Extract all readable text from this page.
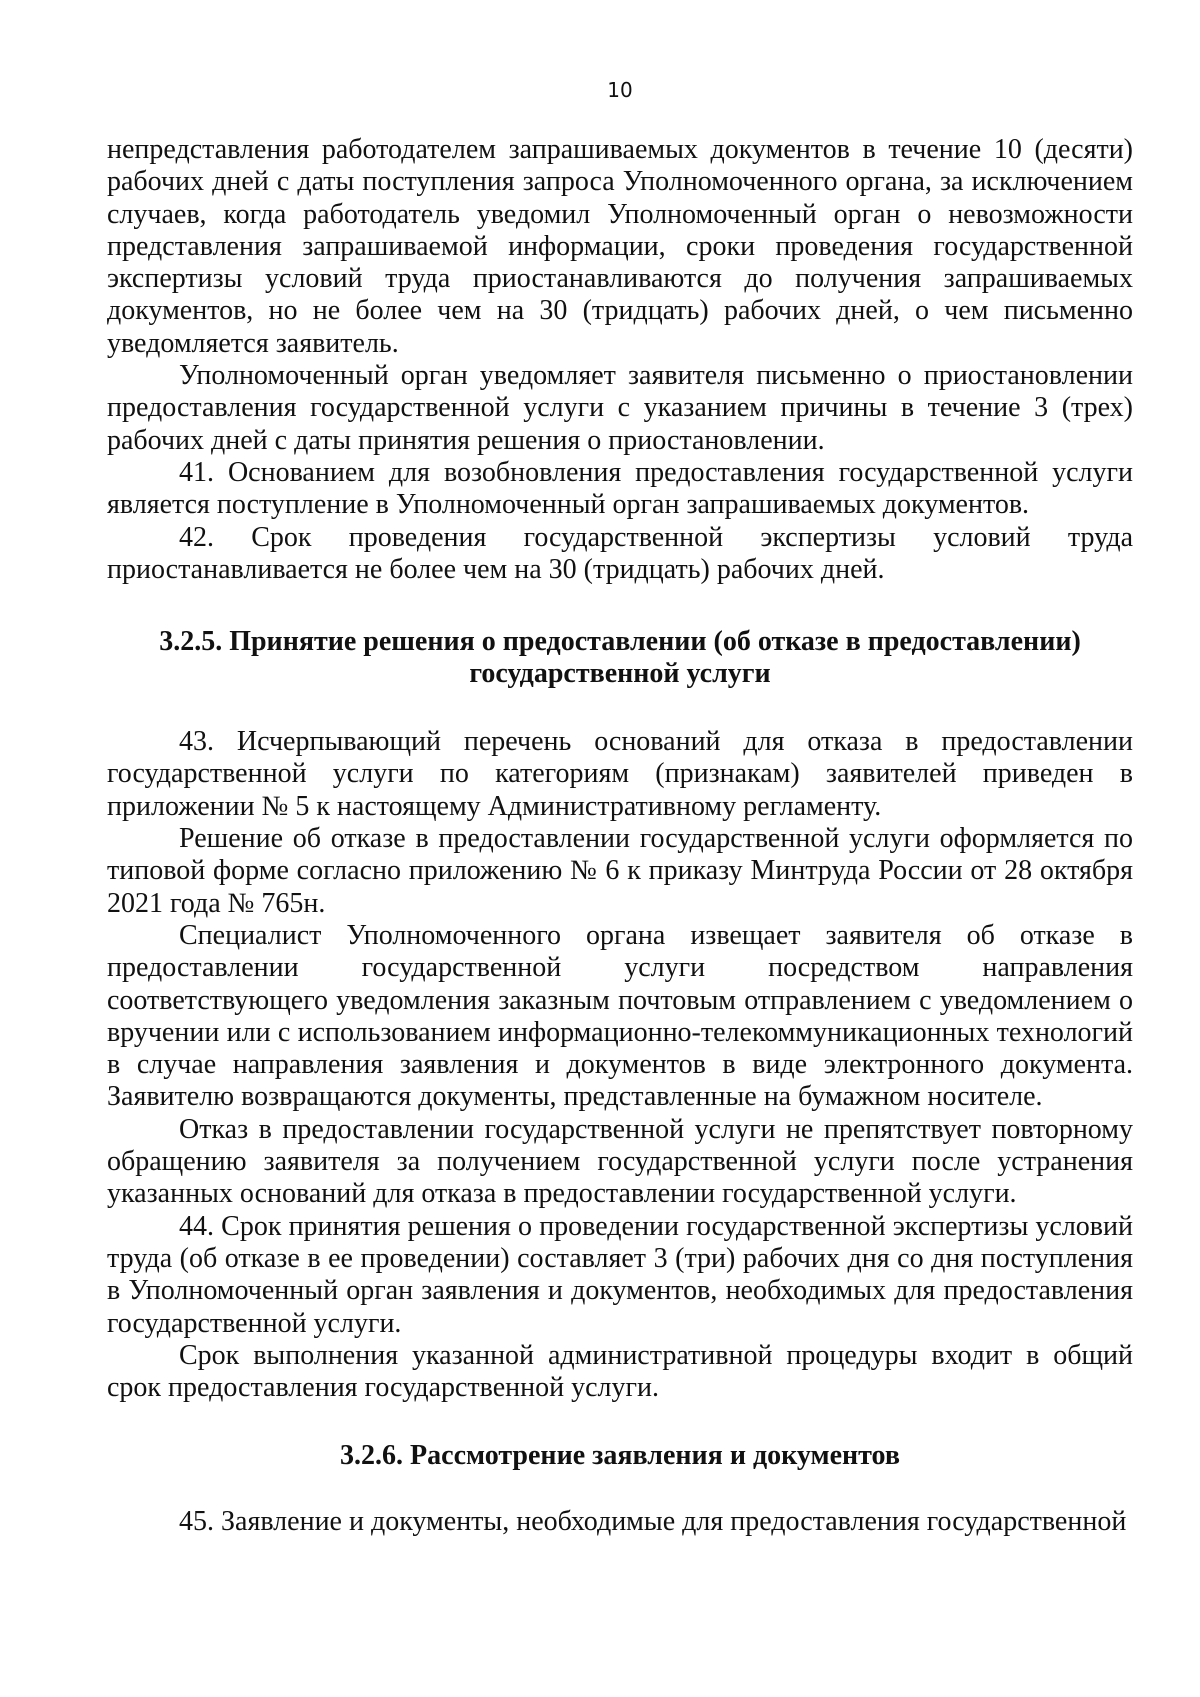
10

непредставления работодателем запрашиваемых документов в течение 10 (десяти) рабочих дней с даты поступления запроса Уполномоченного органа, за исключением случаев, когда работодатель уведомил Уполномоченный орган о невозможности представления запрашиваемой информации, сроки проведения государственной экспертизы условий труда приостанавливаются до получения запрашиваемых документов, но не более чем на 30 (тридцать) рабочих дней, о чем письменно уведомляется заявитель.

Уполномоченный орган уведомляет заявителя письменно о приостановлении предоставления государственной услуги с указанием причины в течение 3 (трех) рабочих дней с даты принятия решения о приостановлении.

41. Основанием для возобновления предоставления государственной услуги является поступление в Уполномоченный орган запрашиваемых документов.

42. Срок проведения государственной экспертизы условий труда приостанавливается не более чем на 30 (тридцать) рабочих дней.

3.2.5. Принятие решения о предоставлении (об отказе в предоставлении)
государственной услуги

43. Исчерпывающий перечень оснований для отказа в предоставлении государственной услуги по категориям (признакам) заявителей приведен в приложении № 5 к настоящему Административному регламенту.

Решение об отказе в предоставлении государственной услуги оформляется по типовой форме согласно приложению № 6 к приказу Минтруда России от 28 октября 2021 года № 765н.

Специалист Уполномоченного органа извещает заявителя об отказе в предоставлении государственной услуги посредством направления соответствующего уведомления заказным почтовым отправлением с уведомлением о вручении или с использованием информационно-телекоммуникационных технологий в случае направления заявления и документов в виде электронного документа. Заявителю возвращаются документы, представленные на бумажном носителе.

Отказ в предоставлении государственной услуги не препятствует повторному обращению заявителя за получением государственной услуги после устранения указанных оснований для отказа в предоставлении государственной услуги.

44. Срок принятия решения о проведении государственной экспертизы условий труда (об отказе в ее проведении) составляет 3 (три) рабочих дня со дня поступления в Уполномоченный орган заявления и документов, необходимых для предоставления государственной услуги.

Срок выполнения указанной административной процедуры входит в общий срок предоставления государственной услуги.

3.2.6. Рассмотрение заявления и документов

45. Заявление и документы, необходимые для предоставления государственной
